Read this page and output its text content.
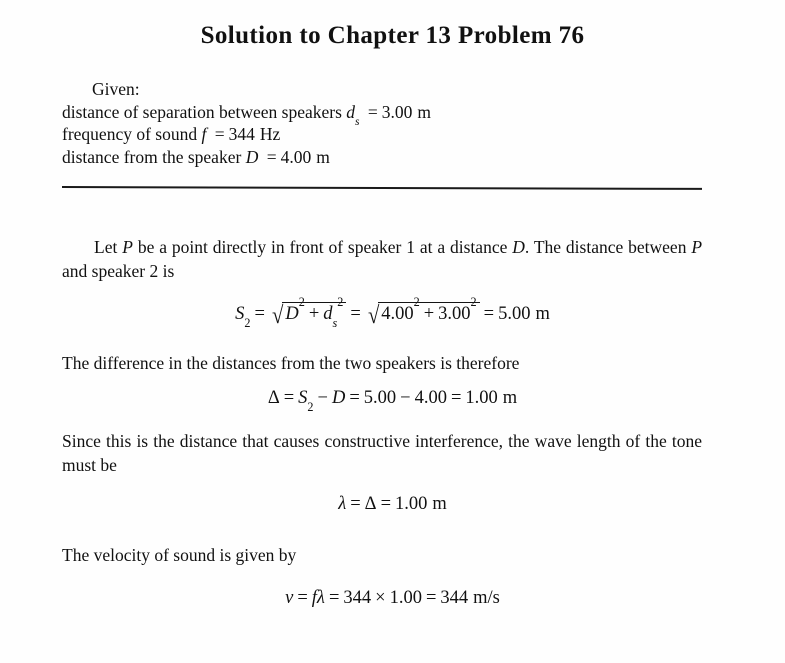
Solution to Chapter 13 Problem 76
Given:
distance of separation between speakers $d_s = 3.00$ m
frequency of sound f = 344 Hz
distance from the speaker D = 4.00 m
Let P be a point directly in front of speaker 1 at a distance D. The distance between P and speaker 2 is
$S_2$ = √ $D^2+ d_s^2=$ √ $4.00^2+ 3.00^2= 5.00$ m
The difference in the distances from the two speakers is therefore
$\Delta = S_2 - D = 5.00 - 4.00 = 1.00$ m
Since this is the distance that causes constructive interference, the wave length of the tone must be
λ = Δ = 1.00 m
The velocity of sound is given by
ν = fλ = 344 × 1.00 = 344 m/s
